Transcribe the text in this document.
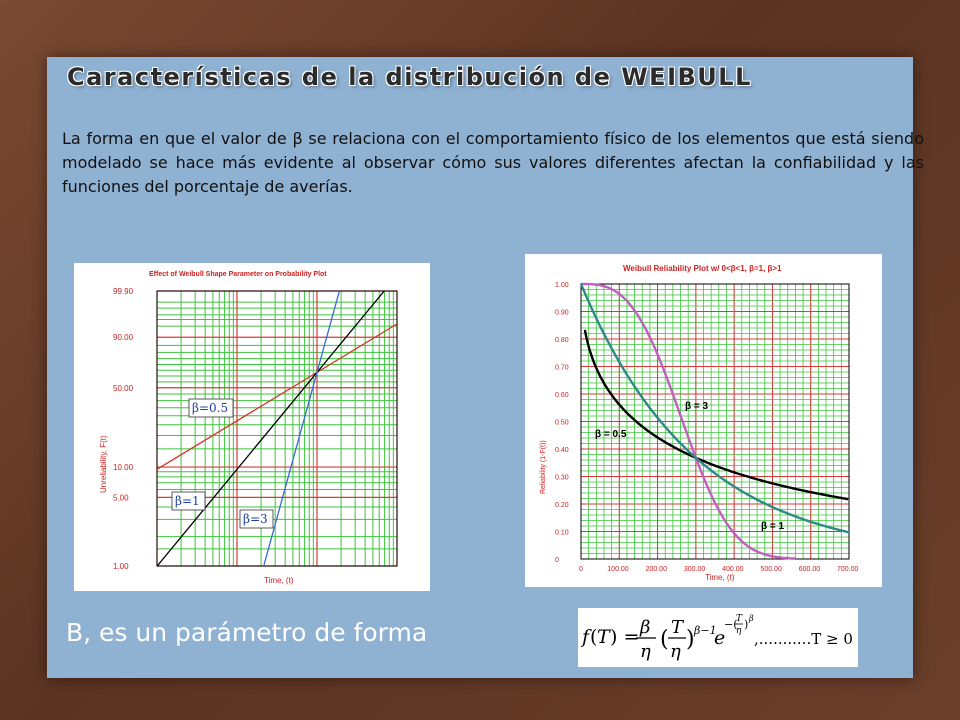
Características de la distribución de WEIBULL

La forma en que el valor de β se relaciona con el comportamiento físico de los elementos que está siendo modelado se hace más evidente al observar cómo sus valores diferentes afectan la confiabilidad y las funciones del porcentaje de averías.

99.90
90.00
50.00
10.00
5.00
1.00
Effect of Weibull Shape Parameter on Probability Plot
Time, (t)
Unreliability, F(t)
β=0.5
β=1
β=3
0
0.10
0.20
0.30
0.40
0.50
0.60
0.70
0.80
0.90
1.00
0	100.00 200.00 300.00 400.00 500.00 600.00 700.00
Weibull Reliability Plot w/ 0<β<1, β=1, β>1
Time, (t)
Reliability (1-F(t))
β = 3
β = 0.5
β = 1

B, es un parámetro de forma	f ( T ) = β
η ( T
η ) β−1
e
−(
T
η ) β
,...........T ≥ 0
